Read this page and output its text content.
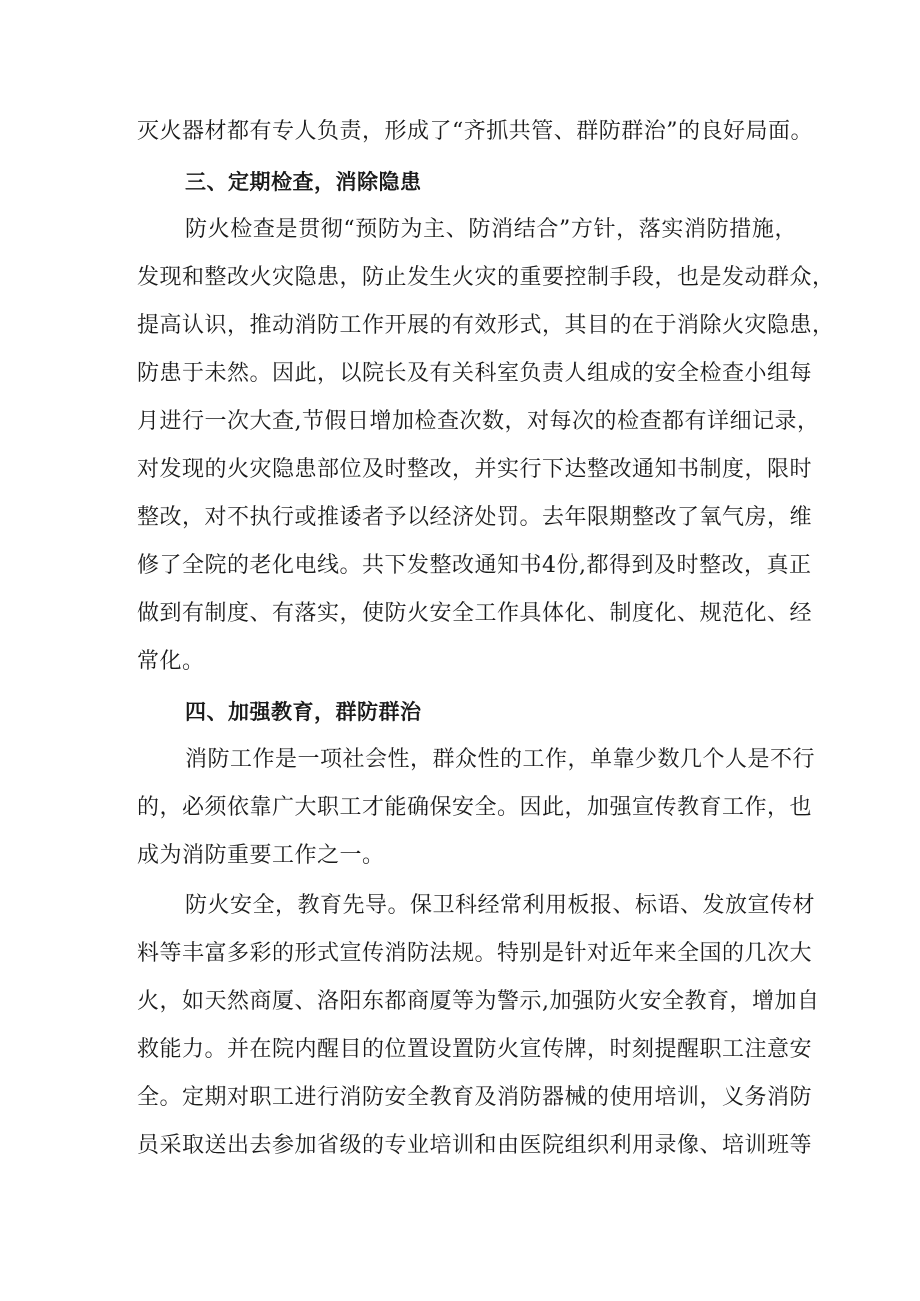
灭火器材都有专人负责，形成了“齐抓共管、群防群治”的良好局面。
三、定期检查，消除隐患
防火检查是贯彻“预防为主、防消结合”方针，落实消防措施，
发现和整改火灾隐患，防止发生火灾的重要控制手段，也是发动群众，
提高认识，推动消防工作开展的有效形式，其目的在于消除火灾隐患，
防患于未然。因此，以院长及有关科室负责人组成的安全检查小组每
月进行一次大查,节假日增加检查次数，对每次的检查都有详细记录，
对发现的火灾隐患部位及时整改，并实行下达整改通知书制度，限时
整改，对不执行或推诿者予以经济处罚。去年限期整改了氧气房，维
修了全院的老化电线。共下发整改通知书4份,都得到及时整改，真正
做到有制度、有落实，使防火安全工作具体化、制度化、规范化、经
常化。
四、加强教育，群防群治
消防工作是一项社会性，群众性的工作，单靠少数几个人是不行
的，必须依靠广大职工才能确保安全。因此，加强宣传教育工作，也
成为消防重要工作之一。
防火安全，教育先导。保卫科经常利用板报、标语、发放宣传材
料等丰富多彩的形式宣传消防法规。特别是针对近年来全国的几次大
火，如天然商厦、洛阳东都商厦等为警示,加强防火安全教育，增加自
救能力。并在院内醒目的位置设置防火宣传牌，时刻提醒职工注意安
全。定期对职工进行消防安全教育及消防器械的使用培训，义务消防
员采取送出去参加省级的专业培训和由医院组织利用录像、培训班等
